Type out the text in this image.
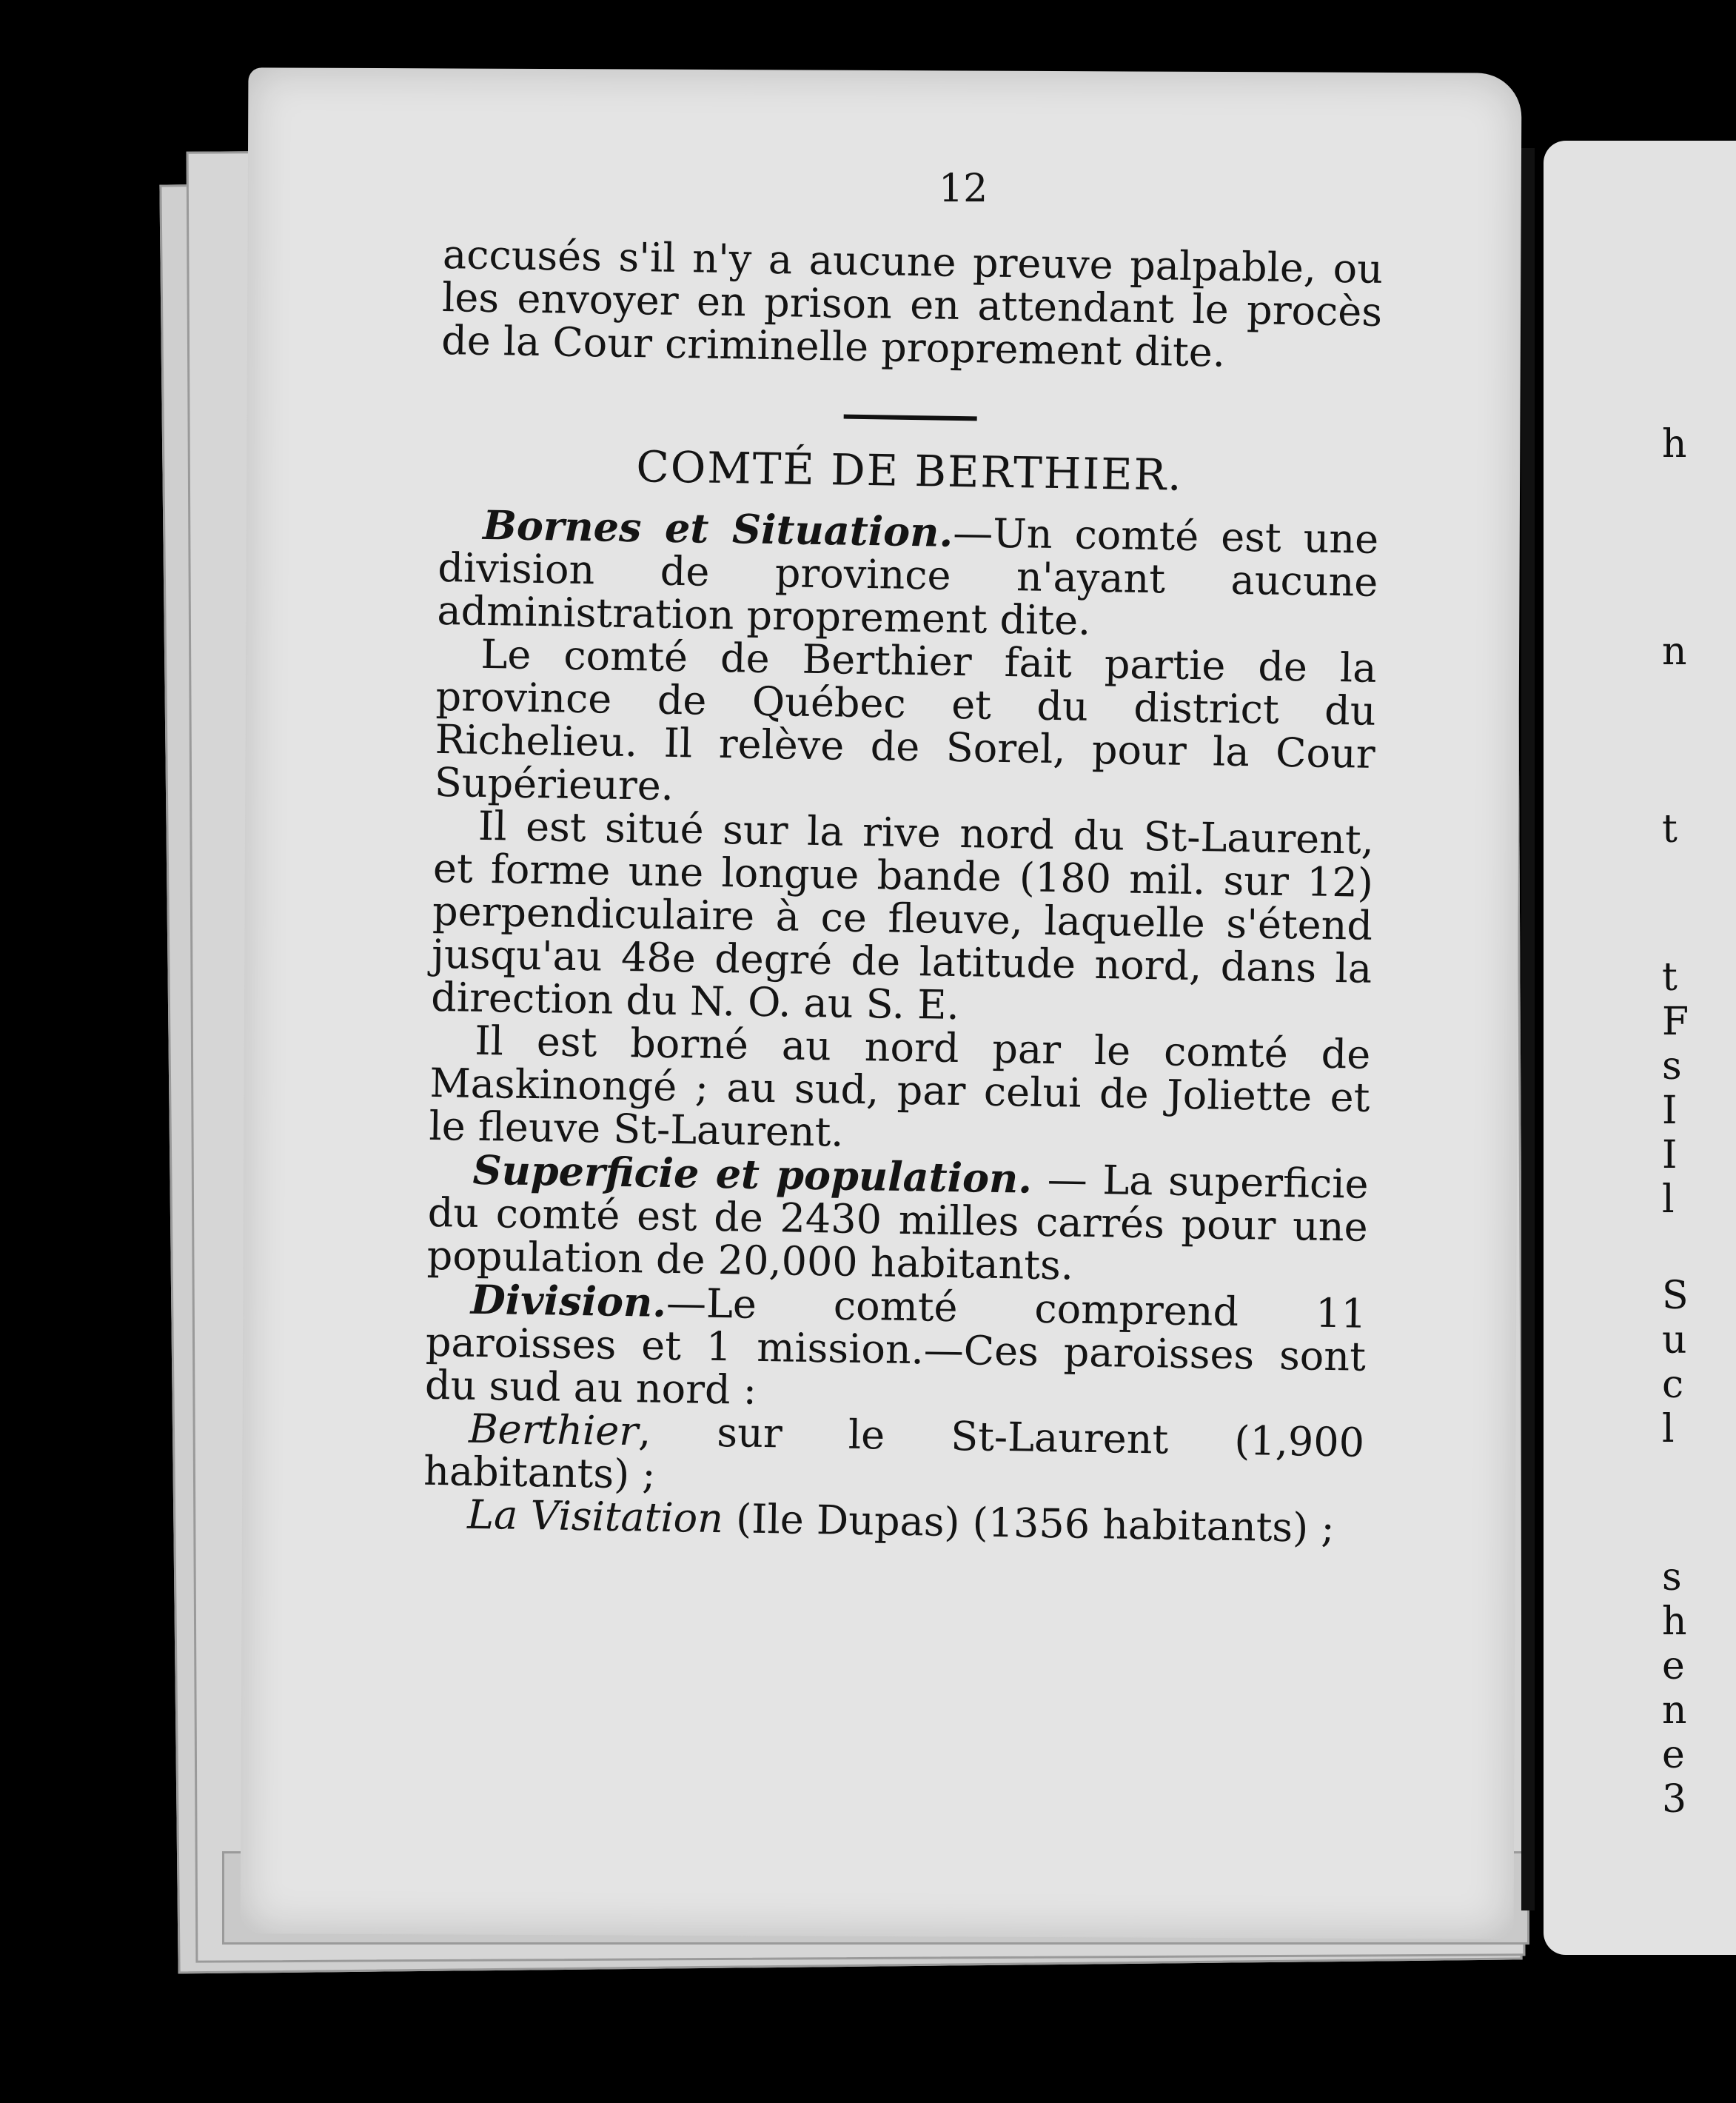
12

accusés s'il n'y a aucune preuve palpable, ou les envoyer en prison en attendant le procès de la Cour criminelle proprement dite.

COMTÉ DE BERTHIER.

Bornes et Situation.—Un comté est une division de province n'ayant aucune administration proprement dite.

Le comté de Berthier fait partie de la province de Québec et du district du Richelieu. Il relève de Sorel, pour la Cour Supérieure.

Il est situé sur la rive nord du St-Laurent, et forme une longue bande (180 mil. sur 12) perpendiculaire à ce fleuve, laquelle s'étend jusqu'au 48e degré de latitude nord, dans la direction du N. O. au S. E.

Il est borné au nord par le comté de Maskinongé ; au sud, par celui de Joliette et le fleuve St-Laurent.

Superficie et population. — La superficie du comté est de 2430 milles carrés pour une population de 20,000 habitants.

Division.—Le comté comprend 11 paroisses et 1 mission.—Ces paroisses sont du sud au nord :

Berthier, sur le St-Laurent (1,900 habitants) ;

La Visitation (Ile Dupas) (1356 habitants) ;

h
n
t
t
F
s
I
I
l
S
u
c
l
s
h
e
n
e
3
